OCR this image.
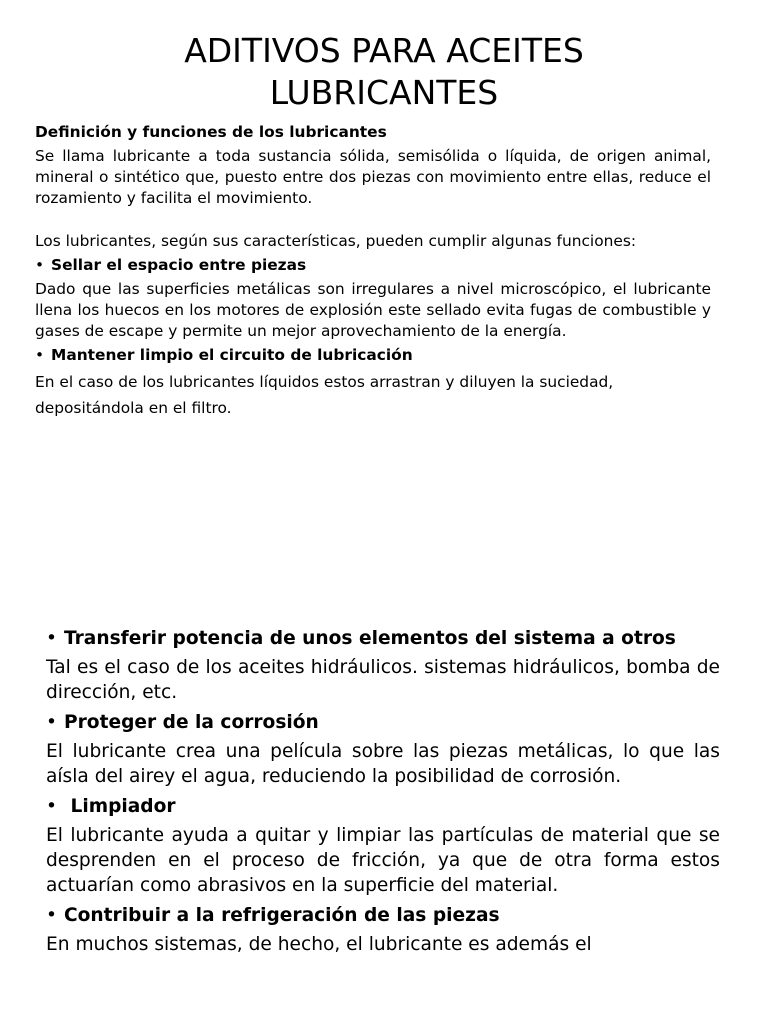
ADITIVOS PARA ACEITES
LUBRICANTES
Definición y funciones de los lubricantes

Se llama lubricante a toda sustancia sólida, semisólida o líquida, de origen animal, mineral o sintético que, puesto entre dos piezas con movimiento entre ellas, reduce el rozamiento y facilita el movimiento.

Los lubricantes, según sus características, pueden cumplir algunas funciones:

• Sellar el espacio entre piezas

Dado que las superficies metálicas son irregulares a nivel microscópico, el lubricante llena los huecos en los motores de explosión este sellado evita fugas de combustible y gases de escape y permite un mejor aprovechamiento de la energía.

• Mantener limpio el circuito de lubricación

En el caso de los lubricantes líquidos estos arrastran y diluyen la suciedad, depositándola en el filtro.

• Transferir potencia de unos elementos del sistema a otros

Tal es el caso de los aceites hidráulicos. sistemas hidráulicos, bomba de dirección, etc.

• Proteger de la corrosión

El lubricante crea una película sobre las piezas metálicas, lo que las aísla del airey el agua, reduciendo la posibilidad de corrosión.

• Limpiador

El lubricante ayuda a quitar y limpiar las partículas de material que se desprenden en el proceso de fricción, ya que de otra forma estos actuarían como abrasivos en la superficie del material.

• Contribuir a la refrigeración de las piezas

En muchos sistemas, de hecho, el lubricante es además el
